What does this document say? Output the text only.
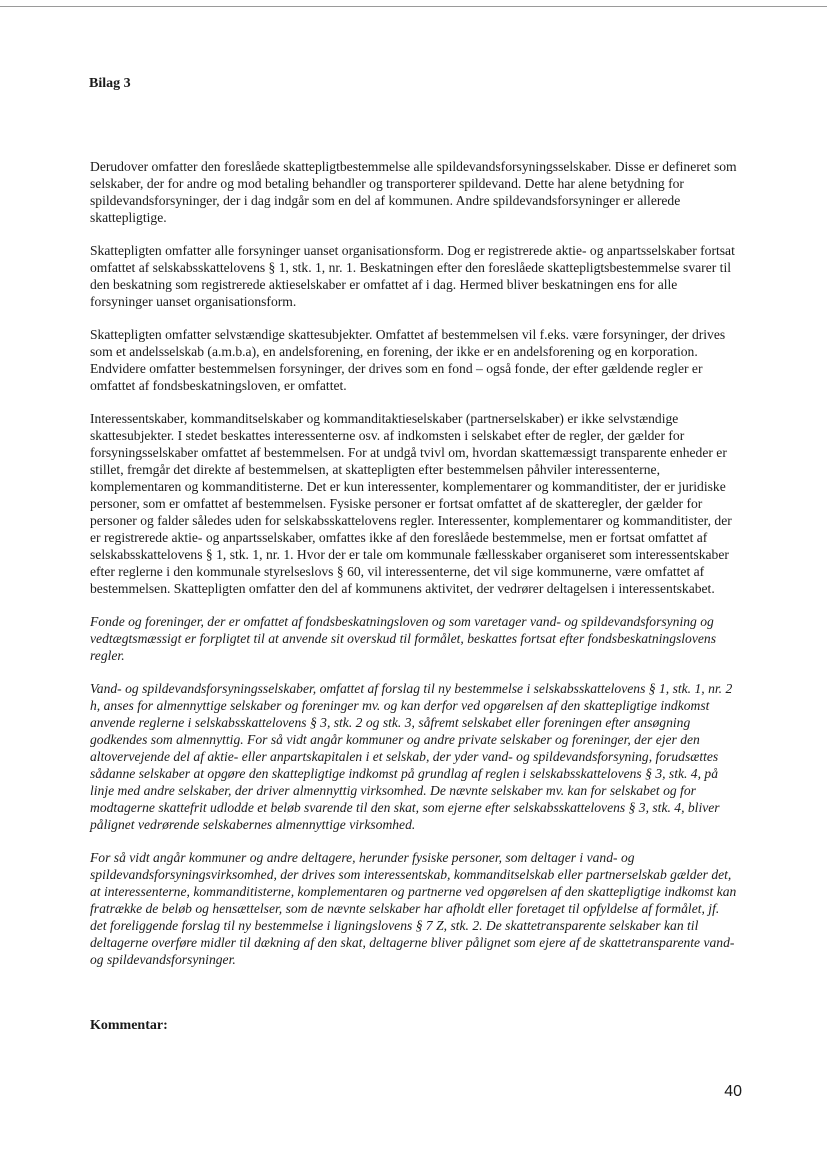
Bilag 3

Derudover omfatter den foreslåede skattepligtbestemmelse alle spildevandsforsyningsselskaber. Disse er defineret som selskaber, der for andre og mod betaling behandler og transporterer spildevand. Dette har alene betydning for spildevandsforsyninger, der i dag indgår som en del af kommunen. Andre spildevandsforsyninger er allerede skattepligtige.

Skattepligten omfatter alle forsyninger uanset organisationsform. Dog er registrerede aktie- og anpartsselskaber fortsat omfattet af selskabsskattelovens § 1, stk. 1, nr. 1. Beskatningen efter den foreslåede skattepligtsbestemmelse svarer til den beskatning som registrerede aktieselskaber er omfattet af i dag. Hermed bliver beskatningen ens for alle forsyninger uanset organisationsform.

Skattepligten omfatter selvstændige skattesubjekter. Omfattet af bestemmelsen vil f.eks. være forsyninger, der drives som et andelsselskab (a.m.b.a), en andelsforening, en forening, der ikke er en andelsforening og en korporation. Endvidere omfatter bestemmelsen forsyninger, der drives som en fond – også fonde, der efter gældende regler er omfattet af fondsbeskatningsloven, er omfattet.

Interessentskaber, kommanditselskaber og kommanditaktieselskaber (partnerselskaber) er ikke selvstændige skattesubjekter. I stedet beskattes interessenterne osv. af indkomsten i selskabet efter de regler, der gælder for forsyningsselskaber omfattet af bestemmelsen. For at undgå tvivl om, hvordan skattemæssigt transparente enheder er stillet, fremgår det direkte af bestemmelsen, at skattepligten efter bestemmelsen påhviler interessenterne, komplementaren og kommanditisterne. Det er kun interessenter, komplementarer og kommanditister, der er juridiske personer, som er omfattet af bestemmelsen. Fysiske personer er fortsat omfattet af de skatteregler, der gælder for personer og falder således uden for selskabsskattelovens regler. Interessenter, komplementarer og kommanditister, der er registrerede aktie- og anpartsselskaber, omfattes ikke af den foreslåede bestemmelse, men er fortsat omfattet af selskabsskattelovens § 1, stk. 1, nr. 1. Hvor der er tale om kommunale fællesskaber organiseret som interessentskaber efter reglerne i den kommunale styrelseslovs § 60, vil interessenterne, det vil sige kommunerne, være omfattet af bestemmelsen. Skattepligten omfatter den del af kommunens aktivitet, der vedrører deltagelsen i interessentskabet.

Fonde og foreninger, der er omfattet af fondsbeskatningsloven og som varetager vand- og spildevandsforsyning og vedtægtsmæssigt er forpligtet til at anvende sit overskud til formålet, beskattes fortsat efter fondsbeskatningslovens regler.

Vand- og spildevandsforsyningsselskaber, omfattet af forslag til ny bestemmelse i selskabsskattelovens § 1, stk. 1, nr. 2 h, anses for almennyttige selskaber og foreninger mv. og kan derfor ved opgørelsen af den skattepligtige indkomst anvende reglerne i selskabsskattelovens § 3, stk. 2 og stk. 3, såfremt selskabet eller foreningen efter ansøgning godkendes som almennyttig. For så vidt angår kommuner og andre private selskaber og foreninger, der ejer den altovervejende del af aktie- eller anpartskapitalen i et selskab, der yder vand- og spildevandsforsyning, forudsættes sådanne selskaber at opgøre den skattepligtige indkomst på grundlag af reglen i selskabsskattelovens § 3, stk. 4, på linje med andre selskaber, der driver almennyttig virksomhed. De nævnte selskaber mv. kan for selskabet og for modtagerne skattefrit udlodde et beløb svarende til den skat, som ejerne efter selskabsskattelovens § 3, stk. 4, bliver pålignet vedrørende selskabernes almennyttige virksomhed.

For så vidt angår kommuner og andre deltagere, herunder fysiske personer, som deltager i vand- og spildevandsforsyningsvirksomhed, der drives som interessentskab, kommanditselskab eller partnerselskab gælder det, at interessenterne, kommanditisterne, komplementaren og partnerne ved opgørelsen af den skattepligtige indkomst kan fratrække de beløb og hensættelser, som de nævnte selskaber har afholdt eller foretaget til opfyldelse af formålet, jf. det foreliggende forslag til ny bestemmelse i ligningslovens § 7 Z, stk. 2. De skattetransparente selskaber kan til deltagerne overføre midler til dækning af den skat, deltagerne bliver pålignet som ejere af de skattetransparente vand- og spildevandsforsyninger.

Kommentar:
40
